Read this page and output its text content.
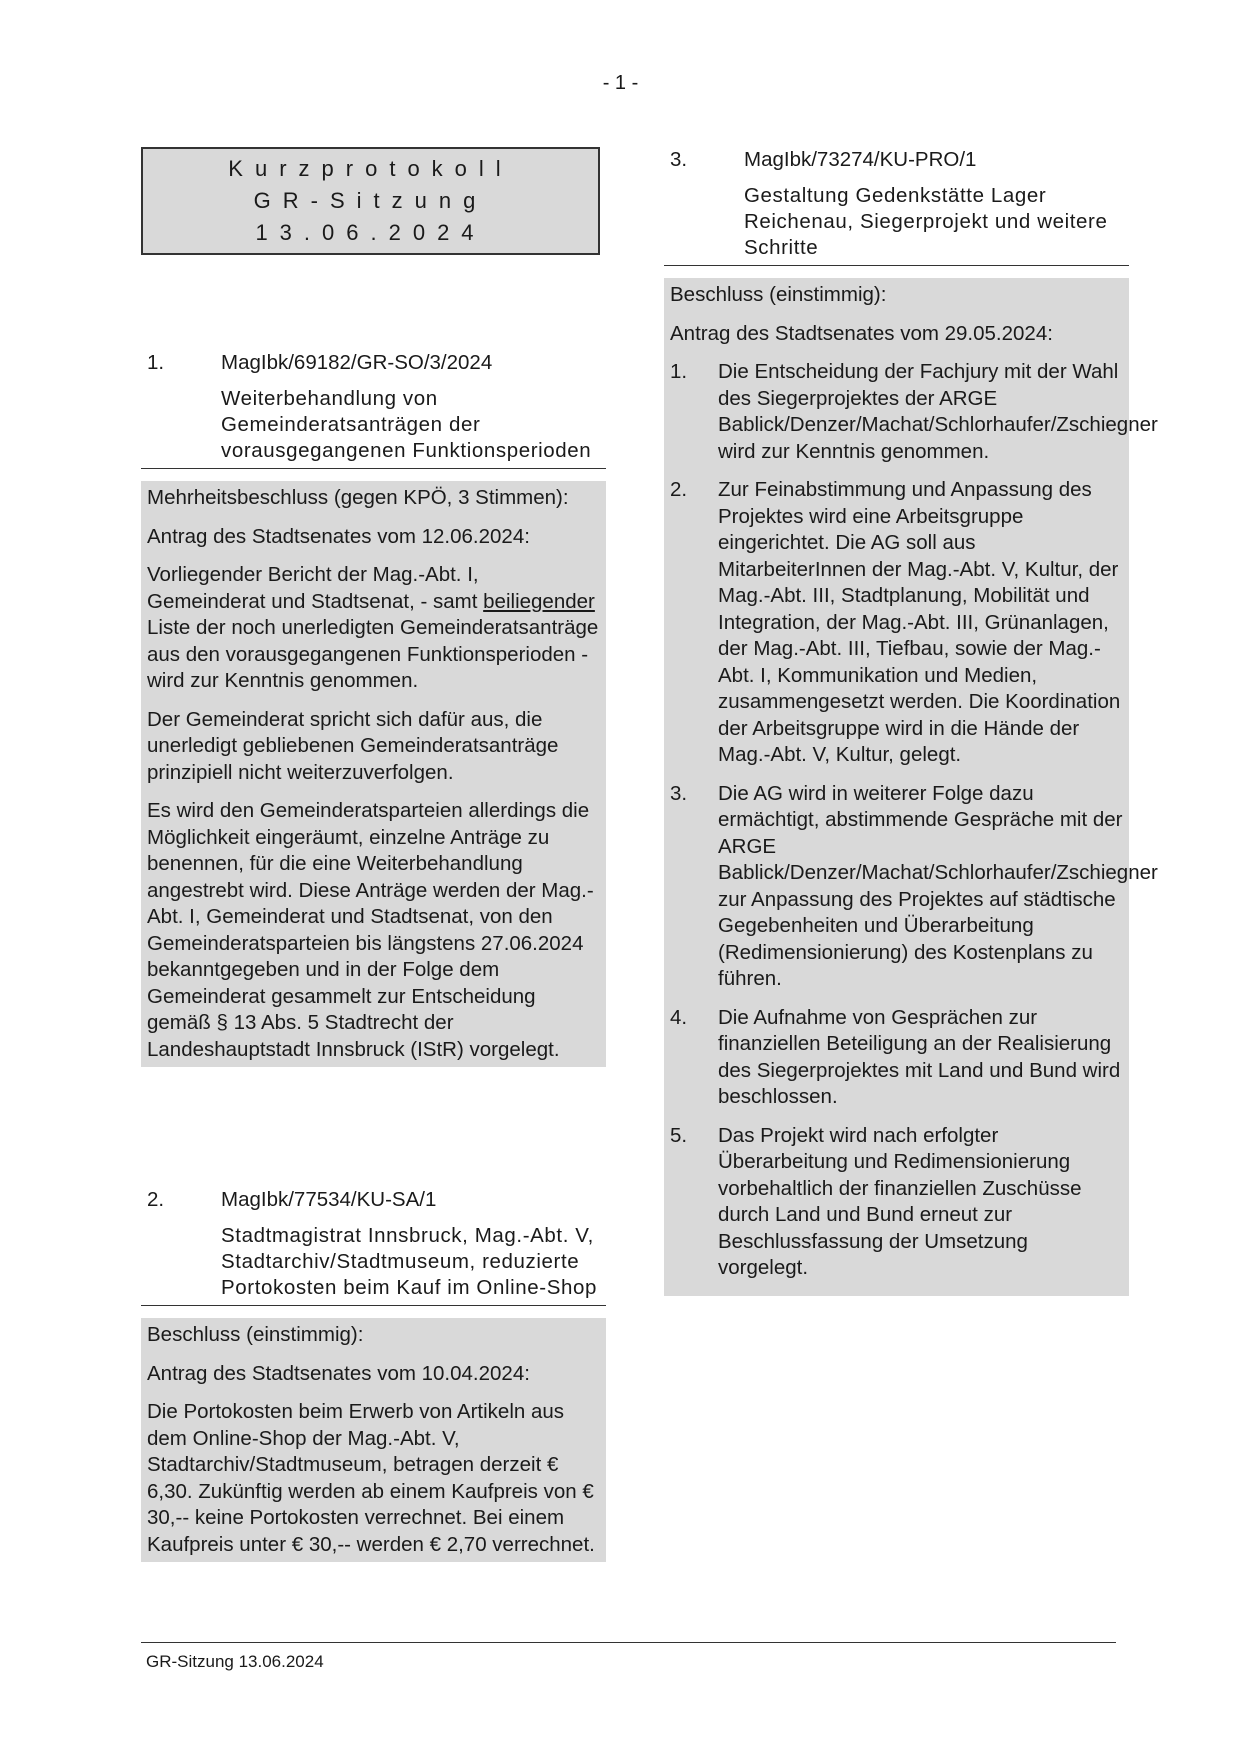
- 1 -
Kurzprotokoll
GR-Sitzung
13.06.2024
1.	MagIbk/69182/GR-SO/3/2024
Weiterbehandlung von Gemeinderatsanträgen der vorausgegangenen Funktionsperioden

Mehrheitsbeschluss (gegen KPÖ, 3 Stimmen):

Antrag des Stadtsenates vom 12.06.2024:

Vorliegender Bericht der Mag.-Abt. I, Gemeinderat und Stadtsenat, - samt beiliegender Liste der noch unerledigten Gemeinderatsanträge aus den vorausgegangenen Funktionsperioden - wird zur Kenntnis genommen.

Der Gemeinderat spricht sich dafür aus, die unerledigt gebliebenen Gemeinderatsanträge prinzipiell nicht weiterzuverfolgen.

Es wird den Gemeinderatsparteien allerdings die Möglichkeit eingeräumt, einzelne Anträge zu benennen, für die eine Weiterbehandlung angestrebt wird. Diese Anträge werden der Mag.-Abt. I, Gemeinderat und Stadtsenat, von den Gemeinderatsparteien bis längstens 27.06.2024 bekanntgegeben und in der Folge dem Gemeinderat gesammelt zur Entscheidung gemäß § 13 Abs. 5 Stadtrecht der Landeshauptstadt Innsbruck (IStR) vorgelegt.

2.	MagIbk/77534/KU-SA/1
Stadtmagistrat Innsbruck, Mag.-Abt. V, Stadtarchiv/Stadtmuseum, reduzierte Portokosten beim Kauf im Online-Shop

Beschluss (einstimmig):

Antrag des Stadtsenates vom 10.04.2024:

Die Portokosten beim Erwerb von Artikeln aus dem Online-Shop der Mag.-Abt. V, Stadtarchiv/Stadtmuseum, betragen derzeit € 6,30. Zukünftig werden ab einem Kaufpreis von € 30,-- keine Portokosten verrechnet. Bei einem Kaufpreis unter € 30,-- werden € 2,70 verrechnet.

3.	MagIbk/73274/KU-PRO/1
Gestaltung Gedenkstätte Lager Reichenau, Siegerprojekt und weitere Schritte

Beschluss (einstimmig):

Antrag des Stadtsenates vom 29.05.2024:

1. Die Entscheidung der Fachjury mit der Wahl des Siegerprojektes der ARGE Bablick/Denzer/Machat/Schlorhaufer/Zschiegner wird zur Kenntnis genommen.
2. Zur Feinabstimmung und Anpassung des Projektes wird eine Arbeitsgruppe eingerichtet. Die AG soll aus MitarbeiterInnen der Mag.-Abt. V, Kultur, der Mag.-Abt. III, Stadtplanung, Mobilität und Integration, der Mag.-Abt. III, Grünanlagen, der Mag.-Abt. III, Tiefbau, sowie der Mag.-Abt. I, Kommunikation und Medien, zusammengesetzt werden. Die Koordination der Arbeitsgruppe wird in die Hände der Mag.-Abt. V, Kultur, gelegt.
3. Die AG wird in weiterer Folge dazu ermächtigt, abstimmende Gespräche mit der ARGE Bablick/Denzer/Machat/Schlorhaufer/Zschiegner zur Anpassung des Projektes auf städtische Gegebenheiten und Überarbeitung (Redimensionierung) des Kostenplans zu führen.
4. Die Aufnahme von Gesprächen zur finanziellen Beteiligung an der Realisierung des Siegerprojektes mit Land und Bund wird beschlossen.
5. Das Projekt wird nach erfolgter Überarbeitung und Redimensionierung vorbehaltlich der finanziellen Zuschüsse durch Land und Bund erneut zur Beschlussfassung der Umsetzung vorgelegt.
GR-Sitzung 13.06.2024
